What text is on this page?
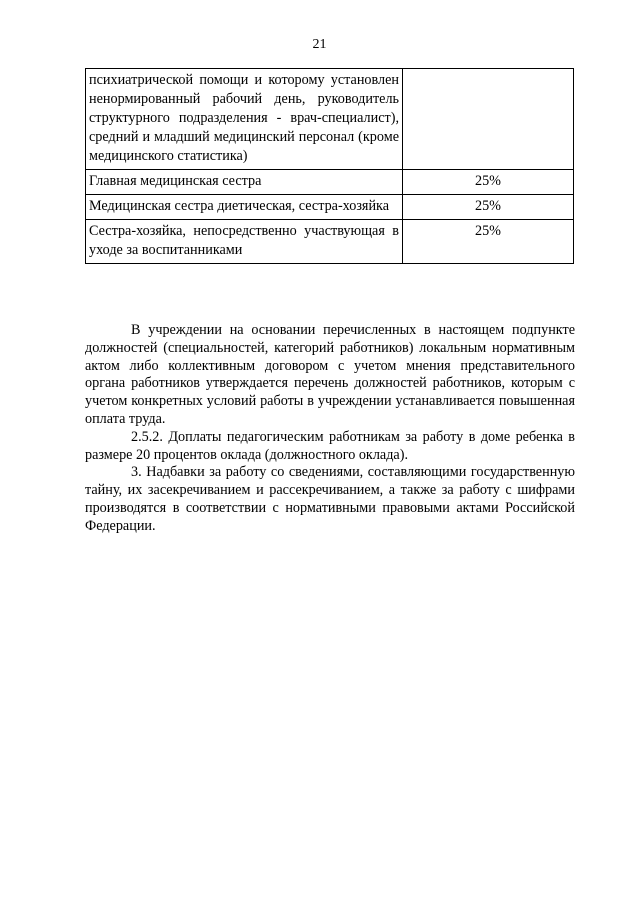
21
психиатрической помощи и которому установлен ненормированный рабочий день, руководитель структурного подразделения - врач-специалист), средний и младший медицинский персонал (кроме медицинского статистика)	
Главная медицинская сестра	25%
Медицинская сестра диетическая, сестра-хозяйка	25%
Сестра-хозяйка, непосредственно участвующая в уходе за воспитанниками	25%

В учреждении на основании перечисленных в настоящем подпункте должностей (специальностей, категорий работников) локальным нормативным актом либо коллективным договором с учетом мнения представительного органа работников утверждается перечень должностей работников, которым с учетом конкретных условий работы в учреждении устанавливается повышенная оплата труда.

2.5.2. Доплаты педагогическим работникам за работу в доме ребенка в размере 20 процентов оклада (должностного оклада).

3. Надбавки за работу со сведениями, составляющими государственную тайну, их засекречиванием и рассекречиванием, а также за работу с шифрами производятся в соответствии с нормативными правовыми актами Российской Федерации.
